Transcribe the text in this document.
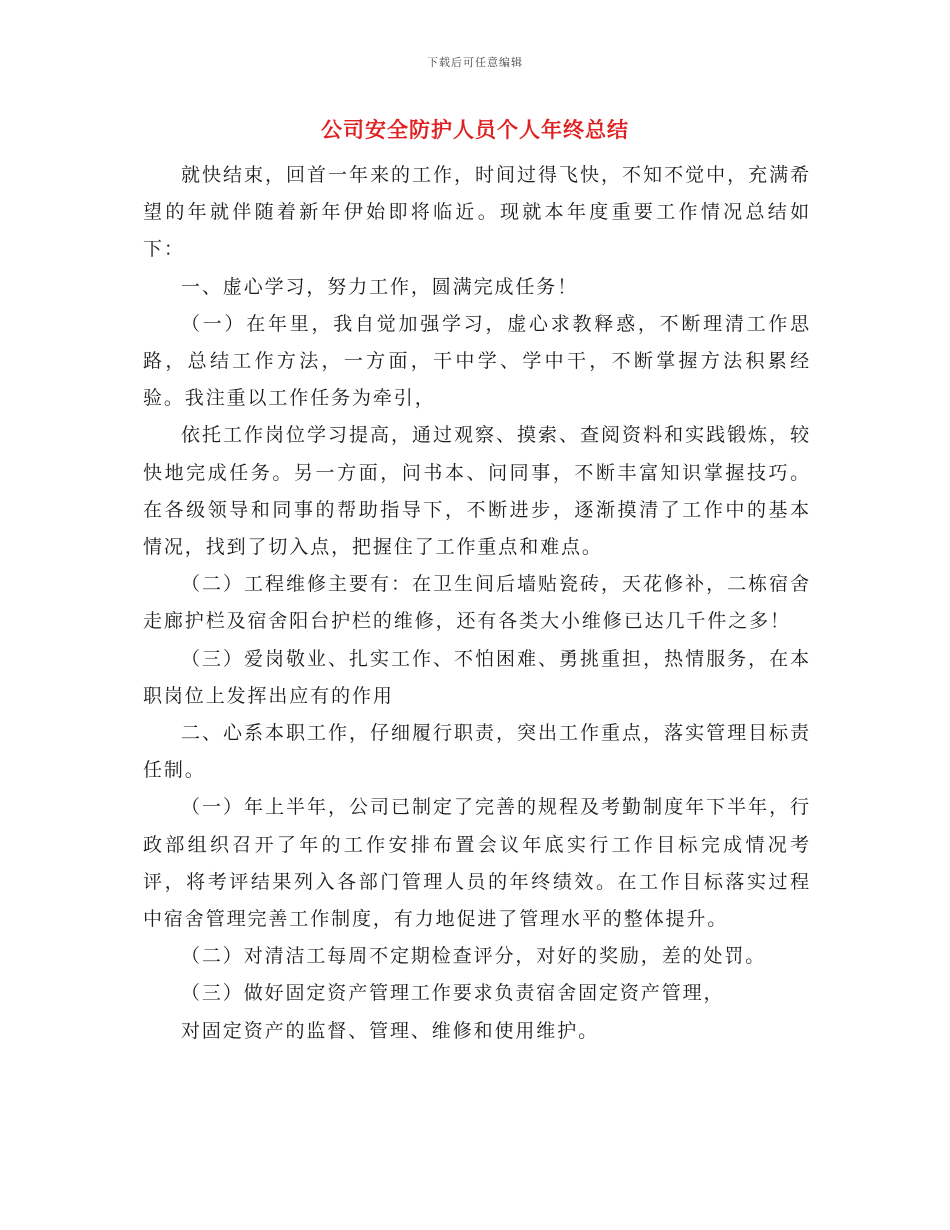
下载后可任意编辑
公司安全防护人员个人年终总结

就快结束，回首一年来的工作，时间过得飞快，不知不觉中，充满希望的年就伴随着新年伊始即将临近。现就本年度重要工作情况总结如下：

一、虚心学习，努力工作，圆满完成任务！

（一）在年里，我自觉加强学习，虚心求教释惑，不断理清工作思路，总结工作方法，一方面，干中学、学中干，不断掌握方法积累经验。我注重以工作任务为牵引，

依托工作岗位学习提高，通过观察、摸索、查阅资料和实践锻炼，较快地完成任务。另一方面，问书本、问同事，不断丰富知识掌握技巧。在各级领导和同事的帮助指导下，不断进步，逐渐摸清了工作中的基本情况，找到了切入点，把握住了工作重点和难点。

（二）工程维修主要有：在卫生间后墙贴瓷砖，天花修补，二栋宿舍走廊护栏及宿舍阳台护栏的维修，还有各类大小维修已达几千件之多！

（三）爱岗敬业、扎实工作、不怕困难、勇挑重担，热情服务，在本职岗位上发挥出应有的作用

二、心系本职工作，仔细履行职责，突出工作重点，落实管理目标责任制。

（一）年上半年，公司已制定了完善的规程及考勤制度年下半年，行政部组织召开了年的工作安排布置会议年底实行工作目标完成情况考评，将考评结果列入各部门管理人员的年终绩效。在工作目标落实过程中宿舍管理完善工作制度，有力地促进了管理水平的整体提升。

（二）对清洁工每周不定期检查评分，对好的奖励，差的处罚。

（三）做好固定资产管理工作要求负责宿舍固定资产管理，

对固定资产的监督、管理、维修和使用维护。
